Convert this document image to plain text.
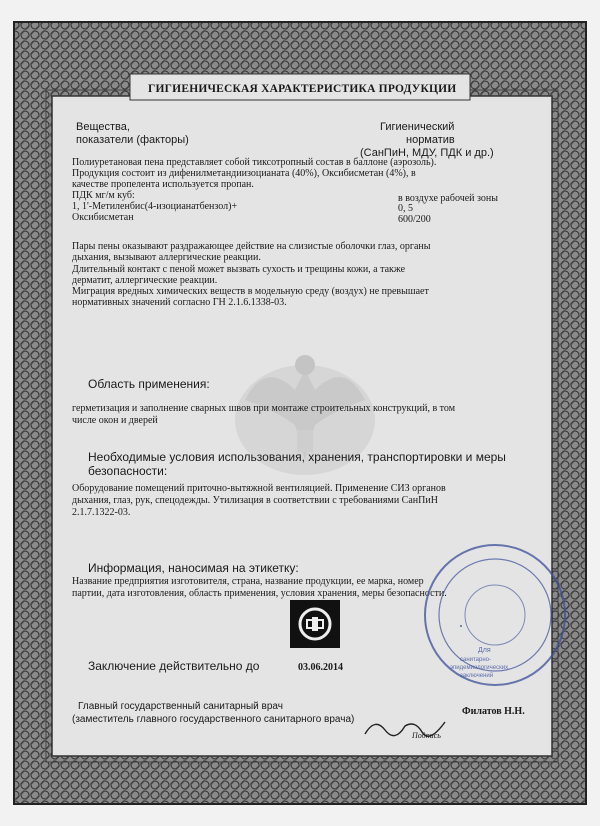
ГИГИЕНИЧЕСКАЯ ХАРАКТЕРИСТИКА ПРОДУКЦИИ
Вещества,
показатели (факторы)
Гигиенический
норматив
(СанПиН, МДУ, ПДК и др.)
Полиуретановая пена представляет собой тиксотропный состав в баллоне (аэрозоль).
Продукция состоит из дифенилметандиизоцианата (40%), Оксибисметан (4%), в
качестве пропелента используется пропан.
ПДК мг/м куб:	в воздухе рабочей зоны
1, 1'-Метиленбис(4-изоцианатбензол)+	0, 5
Оксибисметан	600/200
Пары пены оказывают раздражающее действие на слизистые оболочки глаз, органы
дыхания, вызывают аллергические реакции.
Длительный контакт с пеной может вызвать сухость и трещины кожи, а также
дерматит, аллергические реакции.
Миграция вредных химических веществ в модельную среду (воздух) не превышает
нормативных значений согласно ГН 2.1.6.1338-03.
Область применения:
герметизация и заполнение сварных швов при монтаже строительных конструкций, в том
числе окон и дверей
Необходимые условия использования, хранения, транспортировки и меры
безопасности:
Оборудование помещений приточно-вытяжной вентиляцией. Применение СИЗ органов
дыхания, глаз, рук, спецодежды. Утилизация в соответствии с требованиями СанПиН
2.1.7.1322-03.
Информация, наносимая на этикетку:
Название предприятия изготовителя, страна, название продукции, ее марка, номер
партии, дата изготовления, область применения, условия хранения, меры безопасности.
Заключение действительно до	03.06.2014
Главный государственный санитарный врач
(заместитель главного государственного санитарного врача)
Подпись
Филатов Н.Н.
Для
санитарно-
эпидемиологических
заключений
